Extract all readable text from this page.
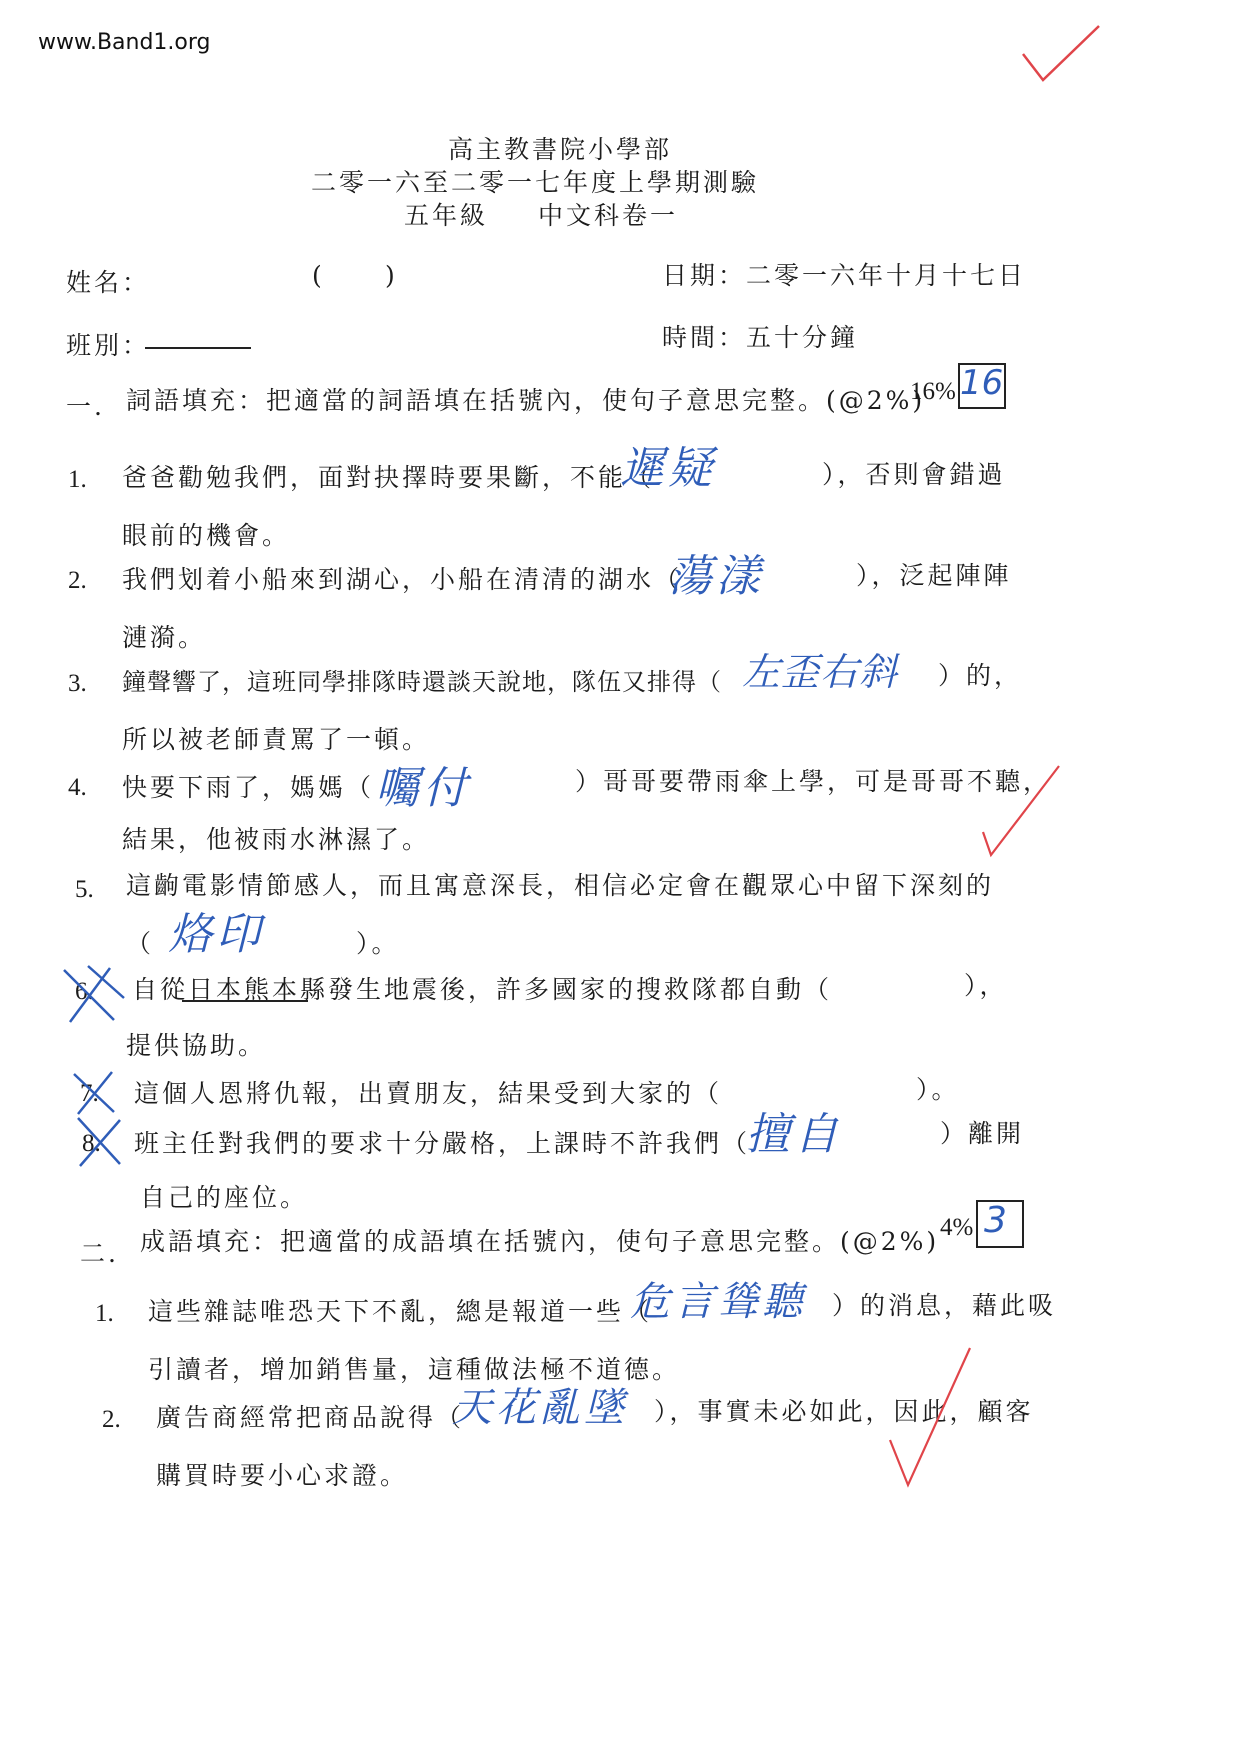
www.Band1.org
高主教書院小學部
二零一六至二零一七年度上學期測驗
五年級 中文科卷一
姓名：	( )	日期：二零一六年十月十七日
班別：	時間：五十分鐘
一. 詞語填充：把適當的詞語填在括號內，使句子意思完整。(@2%)
16% 16
1. 爸爸勸勉我們，面對抉擇時要果斷，不能（
遲疑	），否則會錯過
眼前的機會。
2. 我們划着小船來到湖心，小船在清清的湖水（
蕩漾	），泛起陣陣
漣漪。
3. 鐘聲響了，這班同學排隊時還談天說地，隊伍又排得（ 左歪右斜 ）的，
所以被老師責罵了一頓。
4. 快要下雨了，媽媽（ 囑付	）哥哥要帶雨傘上學，可是哥哥不聽，
結果，他被雨水淋濕了。
5. 這齣電影情節感人，而且寓意深長，相信必定會在觀眾心中留下深刻的
（ 烙印	）。
6. 自從日本熊本縣發生地震後，許多國家的搜救隊都自動（	），
提供協助。
7. 這個人恩將仇報，出賣朋友，結果受到大家的（	）。
8. 班主任對我們的要求十分嚴格，上課時不許我們（
擅自	）離開
自己的座位。
二. 成語填充：把適當的成語填在括號內，使句子意思完整。(@2%) 4% 3
1. 這些雜誌唯恐天下不亂，總是報道一些（
危言聳聽 ）的消息，藉此吸
引讀者，增加銷售量，這種做法極不道德。
2. 廣告商經常把商品說得（
天花亂墜 ），事實未必如此，因此，顧客
購買時要小心求證。
